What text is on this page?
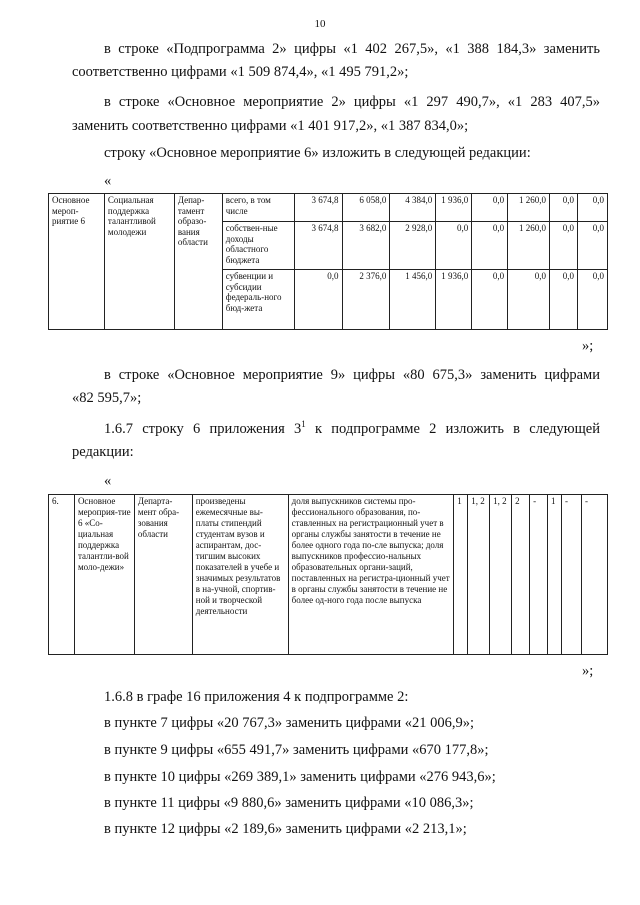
10
в строке «Подпрограмма 2» цифры «1 402 267,5», «1 388 184,3» заменить
соответственно цифрами «1 509 874,4», «1 495 791,2»;
в строке «Основное мероприятие 2» цифры «1 297 490,7», «1 283 407,5»
заменить соответственно цифрами «1 401 917,2», «1 387 834,0»;
строку «Основное мероприятие 6» изложить в следующей редакции:
«
Основное мероп-риятие 6	Социальная поддержка талантливой молодежи	Депар-тамент образо-вания области	всего, в том числе	3 674,8	6 058,0	4 384,0	1 936,0	0,0	1 260,0	0,0	0,0
			собствен-ные доходы областного бюджета	3 674,8	3 682,0	2 928,0	0,0	0,0	1 260,0	0,0	0,0
			субвенции и субсидии федераль-ного бюд-жета	0,0	2 376,0	1 456,0	1 936,0	0,0	0,0	0,0	0,0
»;
в строке «Основное мероприятие 9» цифры «80 675,3» заменить цифрами
«82 595,7»;
1.6.7 строку 6 приложения $3^1$ к подпрограмме 2 изложить в следующей
редакции:
«
6.	Основное мероприя-тие 6 «Со-циальная поддержка талантли-вой моло-дежи»	Департа-мент обра-зования области	произведены ежемесячные вы-платы стипендий студентам вузов и аспирантам, дос-тигшим высоких показателей в учебе и значимых результатов в на-учной, спортив-ной и творческой деятельности	доля выпускников системы про-фессионального образования, по-ставленных на регистрационный учет в органы службы занятости в течение не более одного года по-сле выпуска; доля выпускников профессио-нальных образовательных органи-заций, поставленных на регистра-ционный учет в органы службы занятости в течение не более од-ного года после выпуска	1	1, 2	1, 2	2	-	1	-	-
»;
1.6.8 в графе 16 приложения 4 к подпрограмме 2:
в пункте 7 цифры «20 767,3» заменить цифрами «21 006,9»;
в пункте 9 цифры «655 491,7» заменить цифрами «670 177,8»;
в пункте 10 цифры «269 389,1» заменить цифрами «276 943,6»;
в пункте 11 цифры «9 880,6» заменить цифрами «10 086,3»;
в пункте 12 цифры «2 189,6» заменить цифрами «2 213,1»;
